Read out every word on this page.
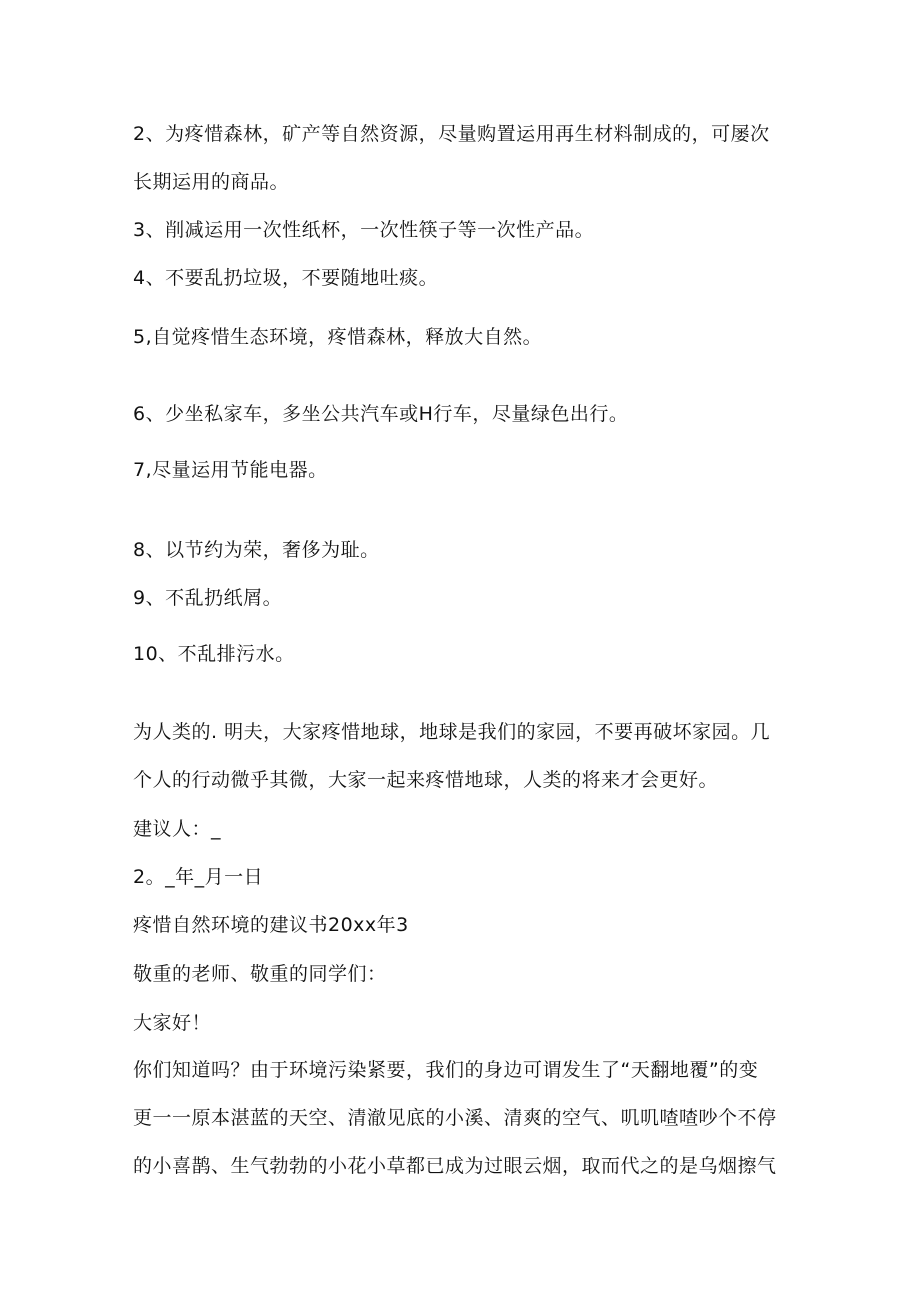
2、为疼惜森林，矿产等自然资源，尽量购置运用再生材料制成的，可屡次
长期运用的商品。
3、削减运用一次性纸杯，一次性筷子等一次性产品。
4、不要乱扔垃圾，不要随地吐痰。
5,自觉疼惜生态环境，疼惜森林，释放大自然。
6、少坐私家车，多坐公共汽车或H行车，尽量绿色出行。
7,尽量运用节能电器。
8、以节约为荣，奢侈为耻。
9、不乱扔纸屑。
10、不乱排污水。
为人类的. 明夫，大家疼惜地球，地球是我们的家园，不要再破坏家园。几
个人的行动微乎其微，大家一起来疼惜地球，人类的将来才会更好。
建议人：_
2。_年_月一日
疼惜自然环境的建议书20xx年3
敬重的老师、敬重的同学们：
大家好！
你们知道吗？由于环境污染紧要，我们的身边可谓发生了“天翻地覆”的变
更一一原本湛蓝的天空、清澈见底的小溪、清爽的空气、叽叽喳喳吵个不停
的小喜鹊、生气勃勃的小花小草都已成为过眼云烟，取而代之的是乌烟擦气
